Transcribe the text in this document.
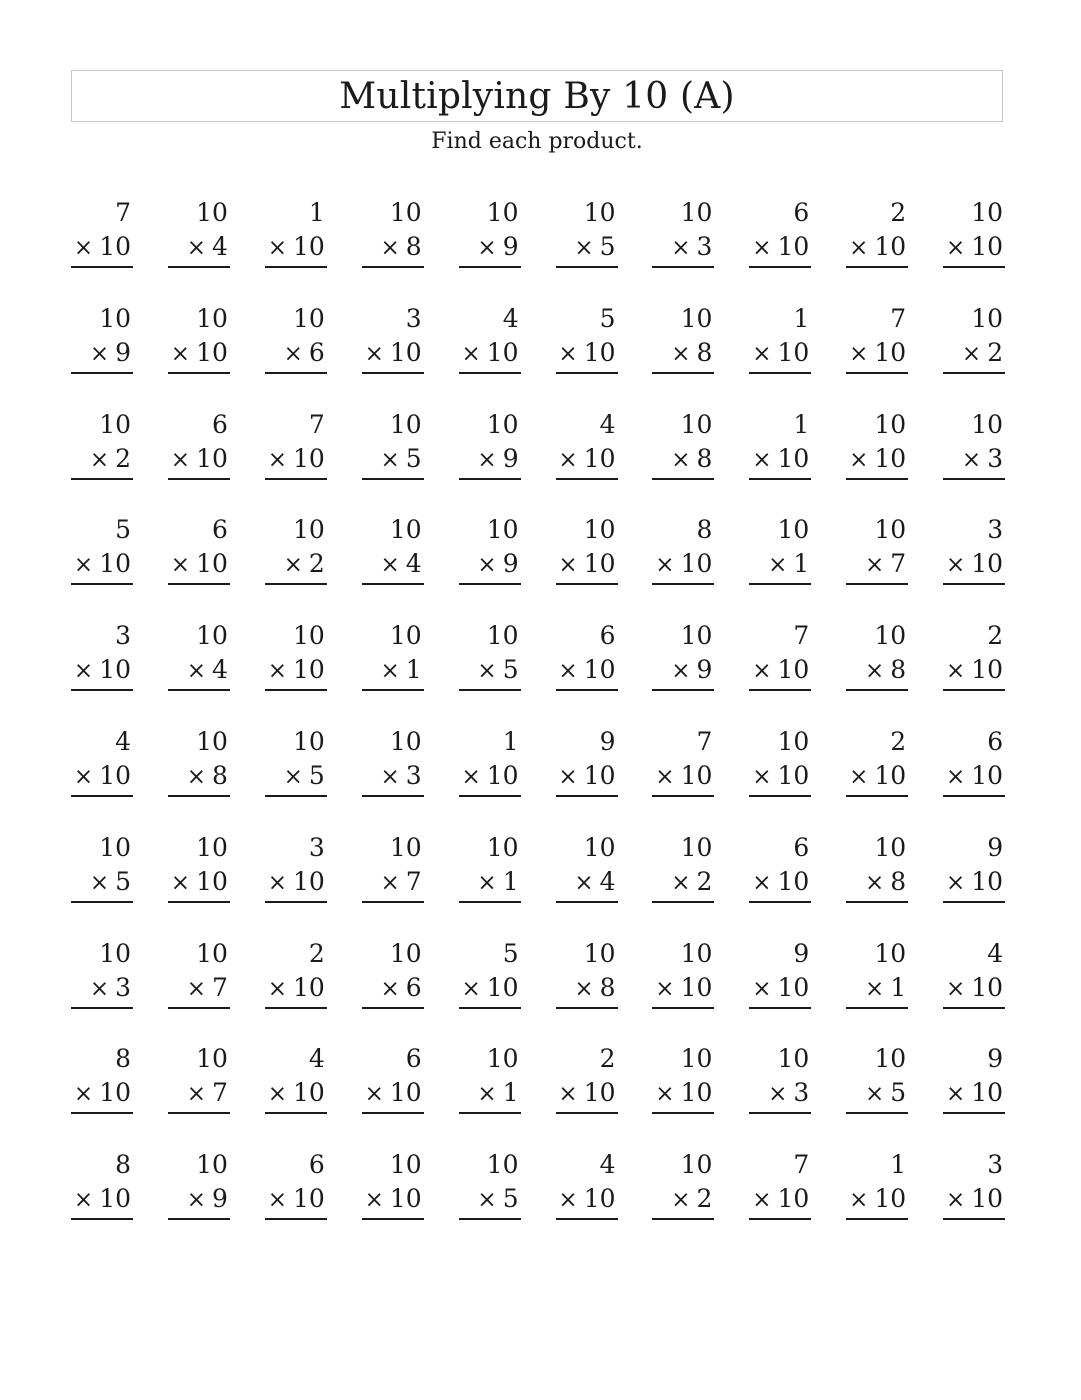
Multiplying By 10 (A)
Find each product.
7
× 10
10
× 4
1
× 10
10
× 8
10
× 9
10
× 5
10
× 3
6
× 10
2
× 10
10
× 10
10
× 9
10
× 10
10
× 6
3
× 10
4
× 10
5
× 10
10
× 8
1
× 10
7
× 10
10
× 2
10
× 2
6
× 10
7
× 10
10
× 5
10
× 9
4
× 10
10
× 8
1
× 10
10
× 10
10
× 3
5
× 10
6
× 10
10
× 2
10
× 4
10
× 9
10
× 10
8
× 10
10
× 1
10
× 7
3
× 10
3
× 10
10
× 4
10
× 10
10
× 1
10
× 5
6
× 10
10
× 9
7
× 10
10
× 8
2
× 10
4
× 10
10
× 8
10
× 5
10
× 3
1
× 10
9
× 10
7
× 10
10
× 10
2
× 10
6
× 10
10
× 5
10
× 10
3
× 10
10
× 7
10
× 1
10
× 4
10
× 2
6
× 10
10
× 8
9
× 10
10
× 3
10
× 7
2
× 10
10
× 6
5
× 10
10
× 8
10
× 10
9
× 10
10
× 1
4
× 10
8
× 10
10
× 7
4
× 10
6
× 10
10
× 1
2
× 10
10
× 10
10
× 3
10
× 5
9
× 10
8
× 10
10
× 9
6
× 10
10
× 10
10
× 5
4
× 10
10
× 2
7
× 10
1
× 10
3
× 10
